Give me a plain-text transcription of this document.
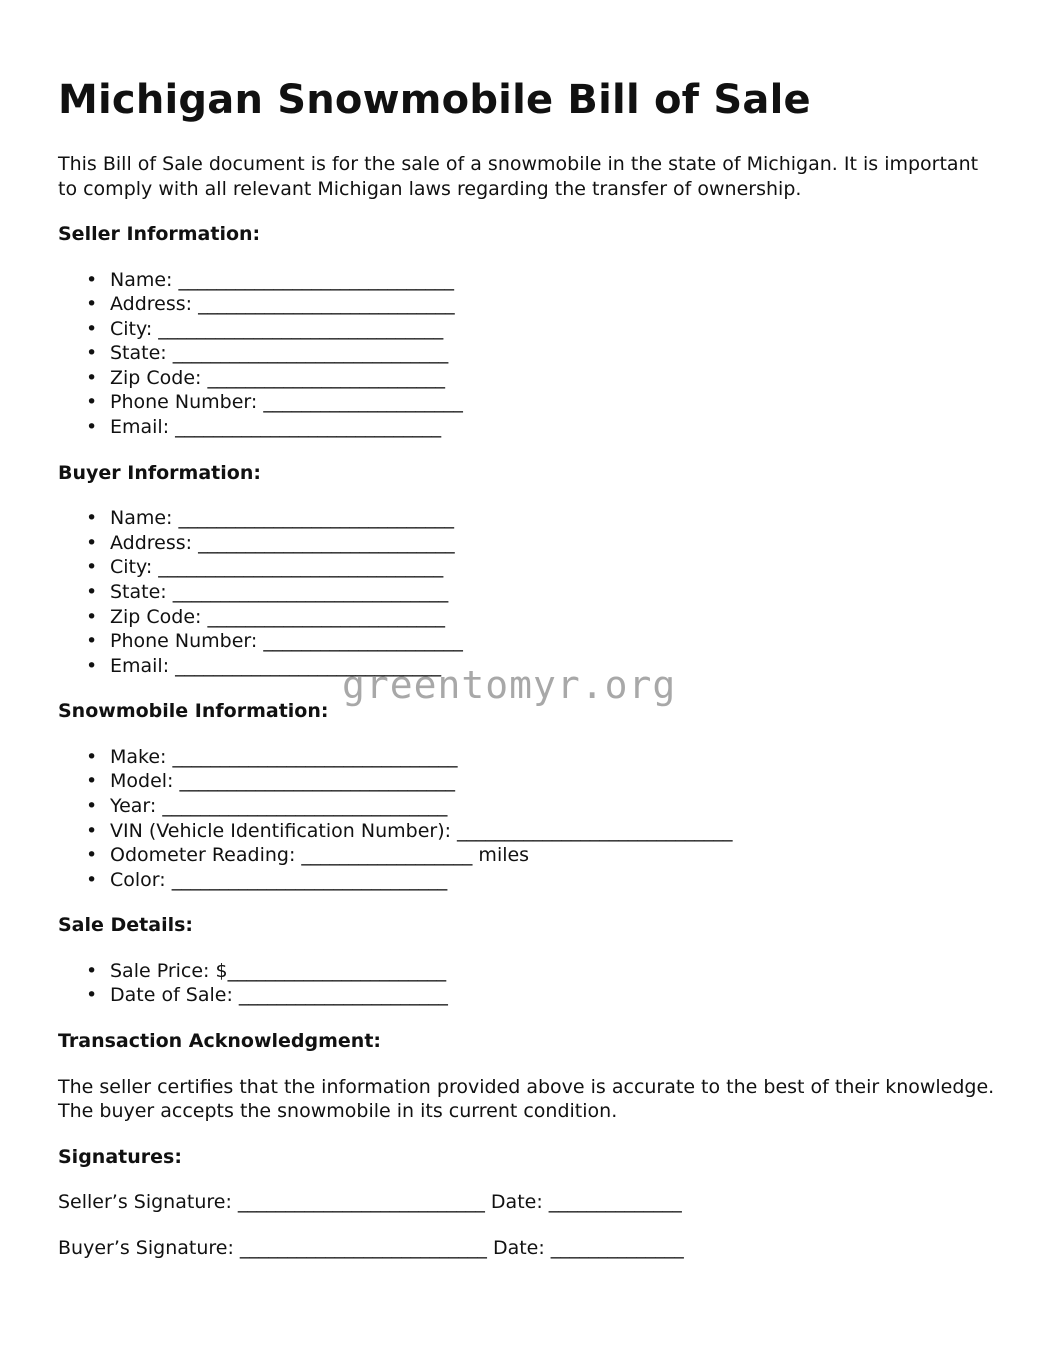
Michigan Snowmobile Bill of Sale

This Bill of Sale document is for the sale of a snowmobile in the state of Michigan. It is important to comply with all relevant Michigan laws regarding the transfer of ownership.

Seller Information:
• Name: _____________________________
• Address: ___________________________
• City: ______________________________
• State: _____________________________
• Zip Code: _________________________
• Phone Number: _____________________
• Email: ____________________________
Buyer Information:
• Name: _____________________________
• Address: ___________________________
• City: ______________________________
• State: _____________________________
• Zip Code: _________________________
• Phone Number: _____________________
• Email: ____________________________
Snowmobile Information:
• Make: ______________________________
• Model: _____________________________
• Year: ______________________________
• VIN (Vehicle Identification Number): _____________________________
• Odometer Reading: __________________ miles
• Color: _____________________________
Sale Details:
• Sale Price: $_______________________
• Date of Sale: ______________________
Transaction Acknowledgment:

The seller certifies that the information provided above is accurate to the best of their knowledge. The buyer accepts the snowmobile in its current condition.

Signatures:
Seller’s Signature: __________________________ Date: ______________
Buyer’s Signature: __________________________ Date: ______________
greentomyr.org
